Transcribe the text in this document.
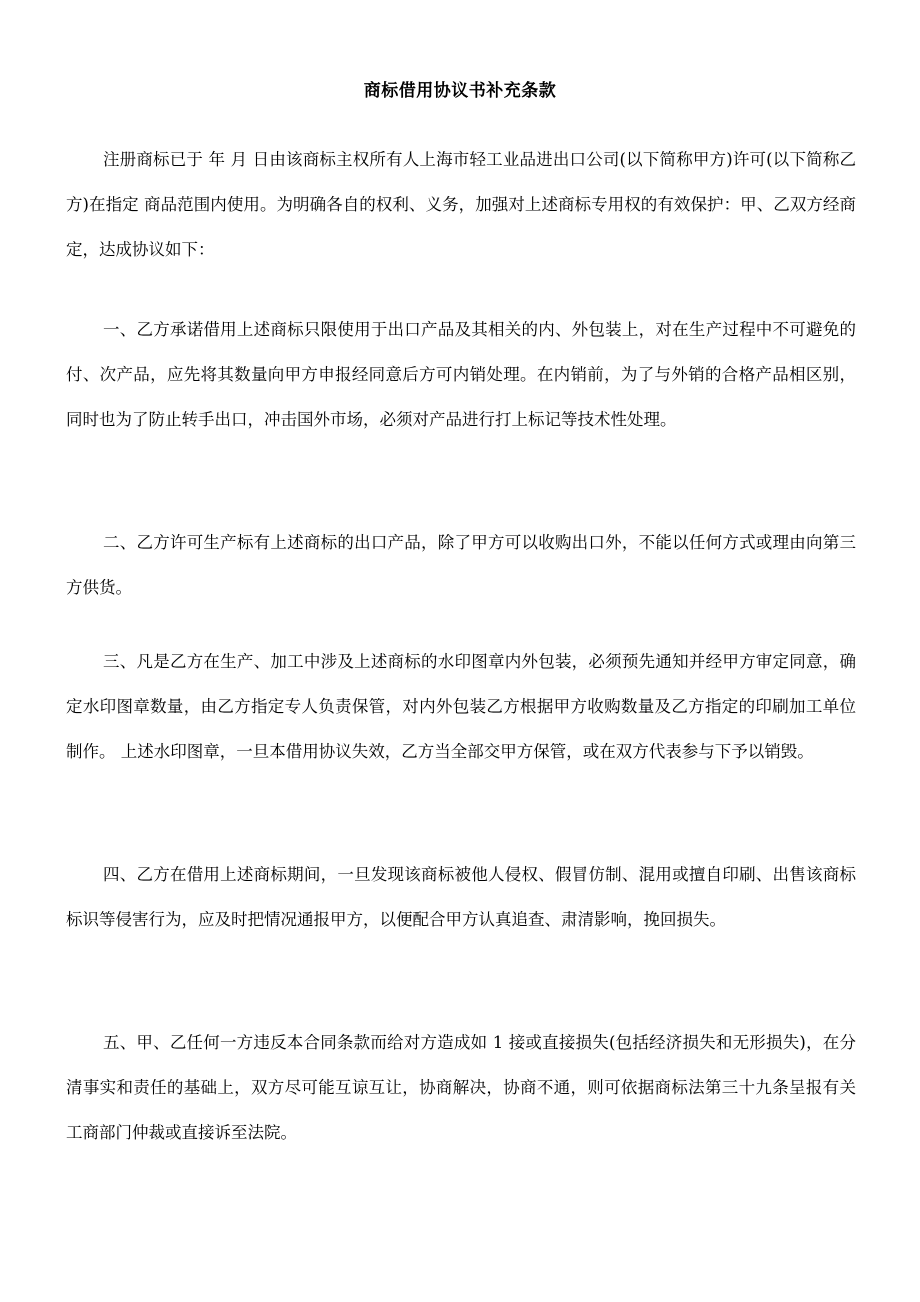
商标借用协议书补充条款

注册商标已于 年 月 日由该商标主权所有人上海市轻工业品进出口公司(以下简称甲方)许可(以下简称乙方)在指定 商品范围内使用。为明确各自的权利、义务，加强对上述商标专用权的有效保护：甲、乙双方经商定，达成协议如下：

一、乙方承诺借用上述商标只限使用于出口产品及其相关的内、外包装上，对在生产过程中不可避免的付、次产品，应先将其数量向甲方申报经同意后方可内销处理。在内销前，为了与外销的合格产品相区别，同时也为了防止转手出口，冲击国外市场，必须对产品进行打上标记等技术性处理。

二、乙方许可生产标有上述商标的出口产品，除了甲方可以收购出口外，不能以任何方式或理由向第三方供货。

三、凡是乙方在生产、加工中涉及上述商标的水印图章内外包装，必须预先通知并经甲方审定同意，确定水印图章数量，由乙方指定专人负责保管，对内外包装乙方根据甲方收购数量及乙方指定的印刷加工单位制作。 上述水印图章，一旦本借用协议失效，乙方当全部交甲方保管，或在双方代表参与下予以销毁。

四、乙方在借用上述商标期间，一旦发现该商标被他人侵权、假冒仿制、混用或擅自印刷、出售该商标标识等侵害行为，应及时把情况通报甲方，以便配合甲方认真追查、肃清影响，挽回损失。

五、甲、乙任何一方违反本合同条款而给对方造成如 1 接或直接损失(包括经济损失和无形损失)，在分清事实和责任的基础上，双方尽可能互谅互让，协商解决，协商不通，则可依据商标法第三十九条呈报有关工商部门仲裁或直接诉至法院。
